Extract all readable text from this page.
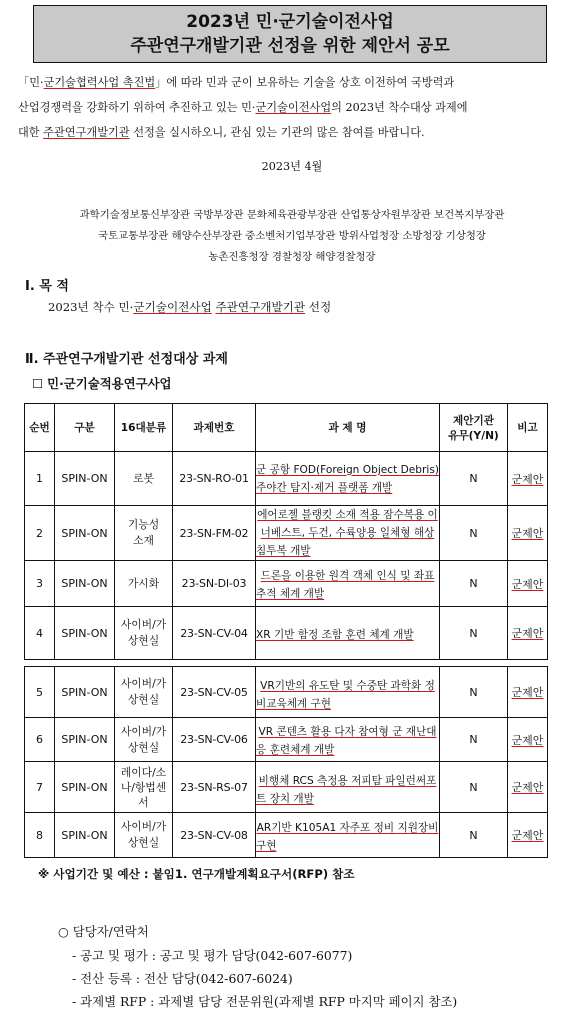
2023년 민·군기술이전사업
주관연구개발기관 선정을 위한 제안서 공모
「민·군기술협력사업 촉진법」에 따라 민과 군이 보유하는 기술을 상호 이전하여 국방력과
산업경쟁력을 강화하기 위하여 추진하고 있는 민·군기술이전사업의 2023년 착수대상 과제에
대한 주관연구개발기관 선정을 실시하오니, 관심 있는 기관의 많은 참여를 바랍니다.
2023년 4월
과학기술정보통신부장관 국방부장관 문화체육관광부장관 산업통상자원부장관 보건복지부장관
국토교통부장관 해양수산부장관 중소벤처기업부장관 방위사업청장 소방청장 기상청장
농촌진흥청장 경찰청장 해양경찰청장
Ⅰ. 목 적
2023년 착수 민·군기술이전사업 주관연구개발기관 선정
Ⅱ. 주관연구개발기관 선정대상 과제
☐ 민·군기술적용연구사업
순번	구분	16대분류	과제번호	과 제 명	제안기관
유무(Y/N)	비고
1	SPIN-ON	로봇	23-SN-RO-01	군 공항 FOD(Foreign Object Debris) 주야간 탐지·제거 플랫폼 개발	N	군제안
2	SPIN-ON	기능성
소재	23-SN-FM-02	에어로젤 블랭킷 소재 적용 잠수복용 이너베스트, 두건, 수륙양용 일체형 해상 침투복 개발	N	군제안
3	SPIN-ON	가시화	23-SN-DI-03	드론을 이용한 원격 객체 인식 및 좌표 추적 체계 개발	N	군제안
4	SPIN-ON	사이버/가
상현실	23-SN-CV-04	XR 기반 함정 조함 훈련 체계 개발	N	군제안
5	SPIN-ON	사이버/가
상현실	23-SN-CV-05	VR기반의 유도탄 및 수중탄 과학화 정비교육체계 구현	N	군제안
6	SPIN-ON	사이버/가
상현실	23-SN-CV-06	VR 콘텐츠 활용 다자 참여형 군 재난대응 훈련체계 개발	N	군제안
7	SPIN-ON	레이다/소
나/항법센
서	23-SN-RS-07	비행체 RCS 측정용 저피탐 파일런써포트 장치 개발	N	군제안
8	SPIN-ON	사이버/가
상현실	23-SN-CV-08	AR기반 K105A1 자주포 정비 지원장비 구현	N	군제안
※ 사업기간 및 예산 : 붙임1. 연구개발계획요구서(RFP) 참조
○ 담당자/연락처
- 공고 및 평가 : 공고 및 평가 담당(042-607-6077)
- 전산 등록 : 전산 담당(042-607-6024)
- 과제별 RFP : 과제별 담당 전문위원(과제별 RFP 마지막 페이지 참조)
